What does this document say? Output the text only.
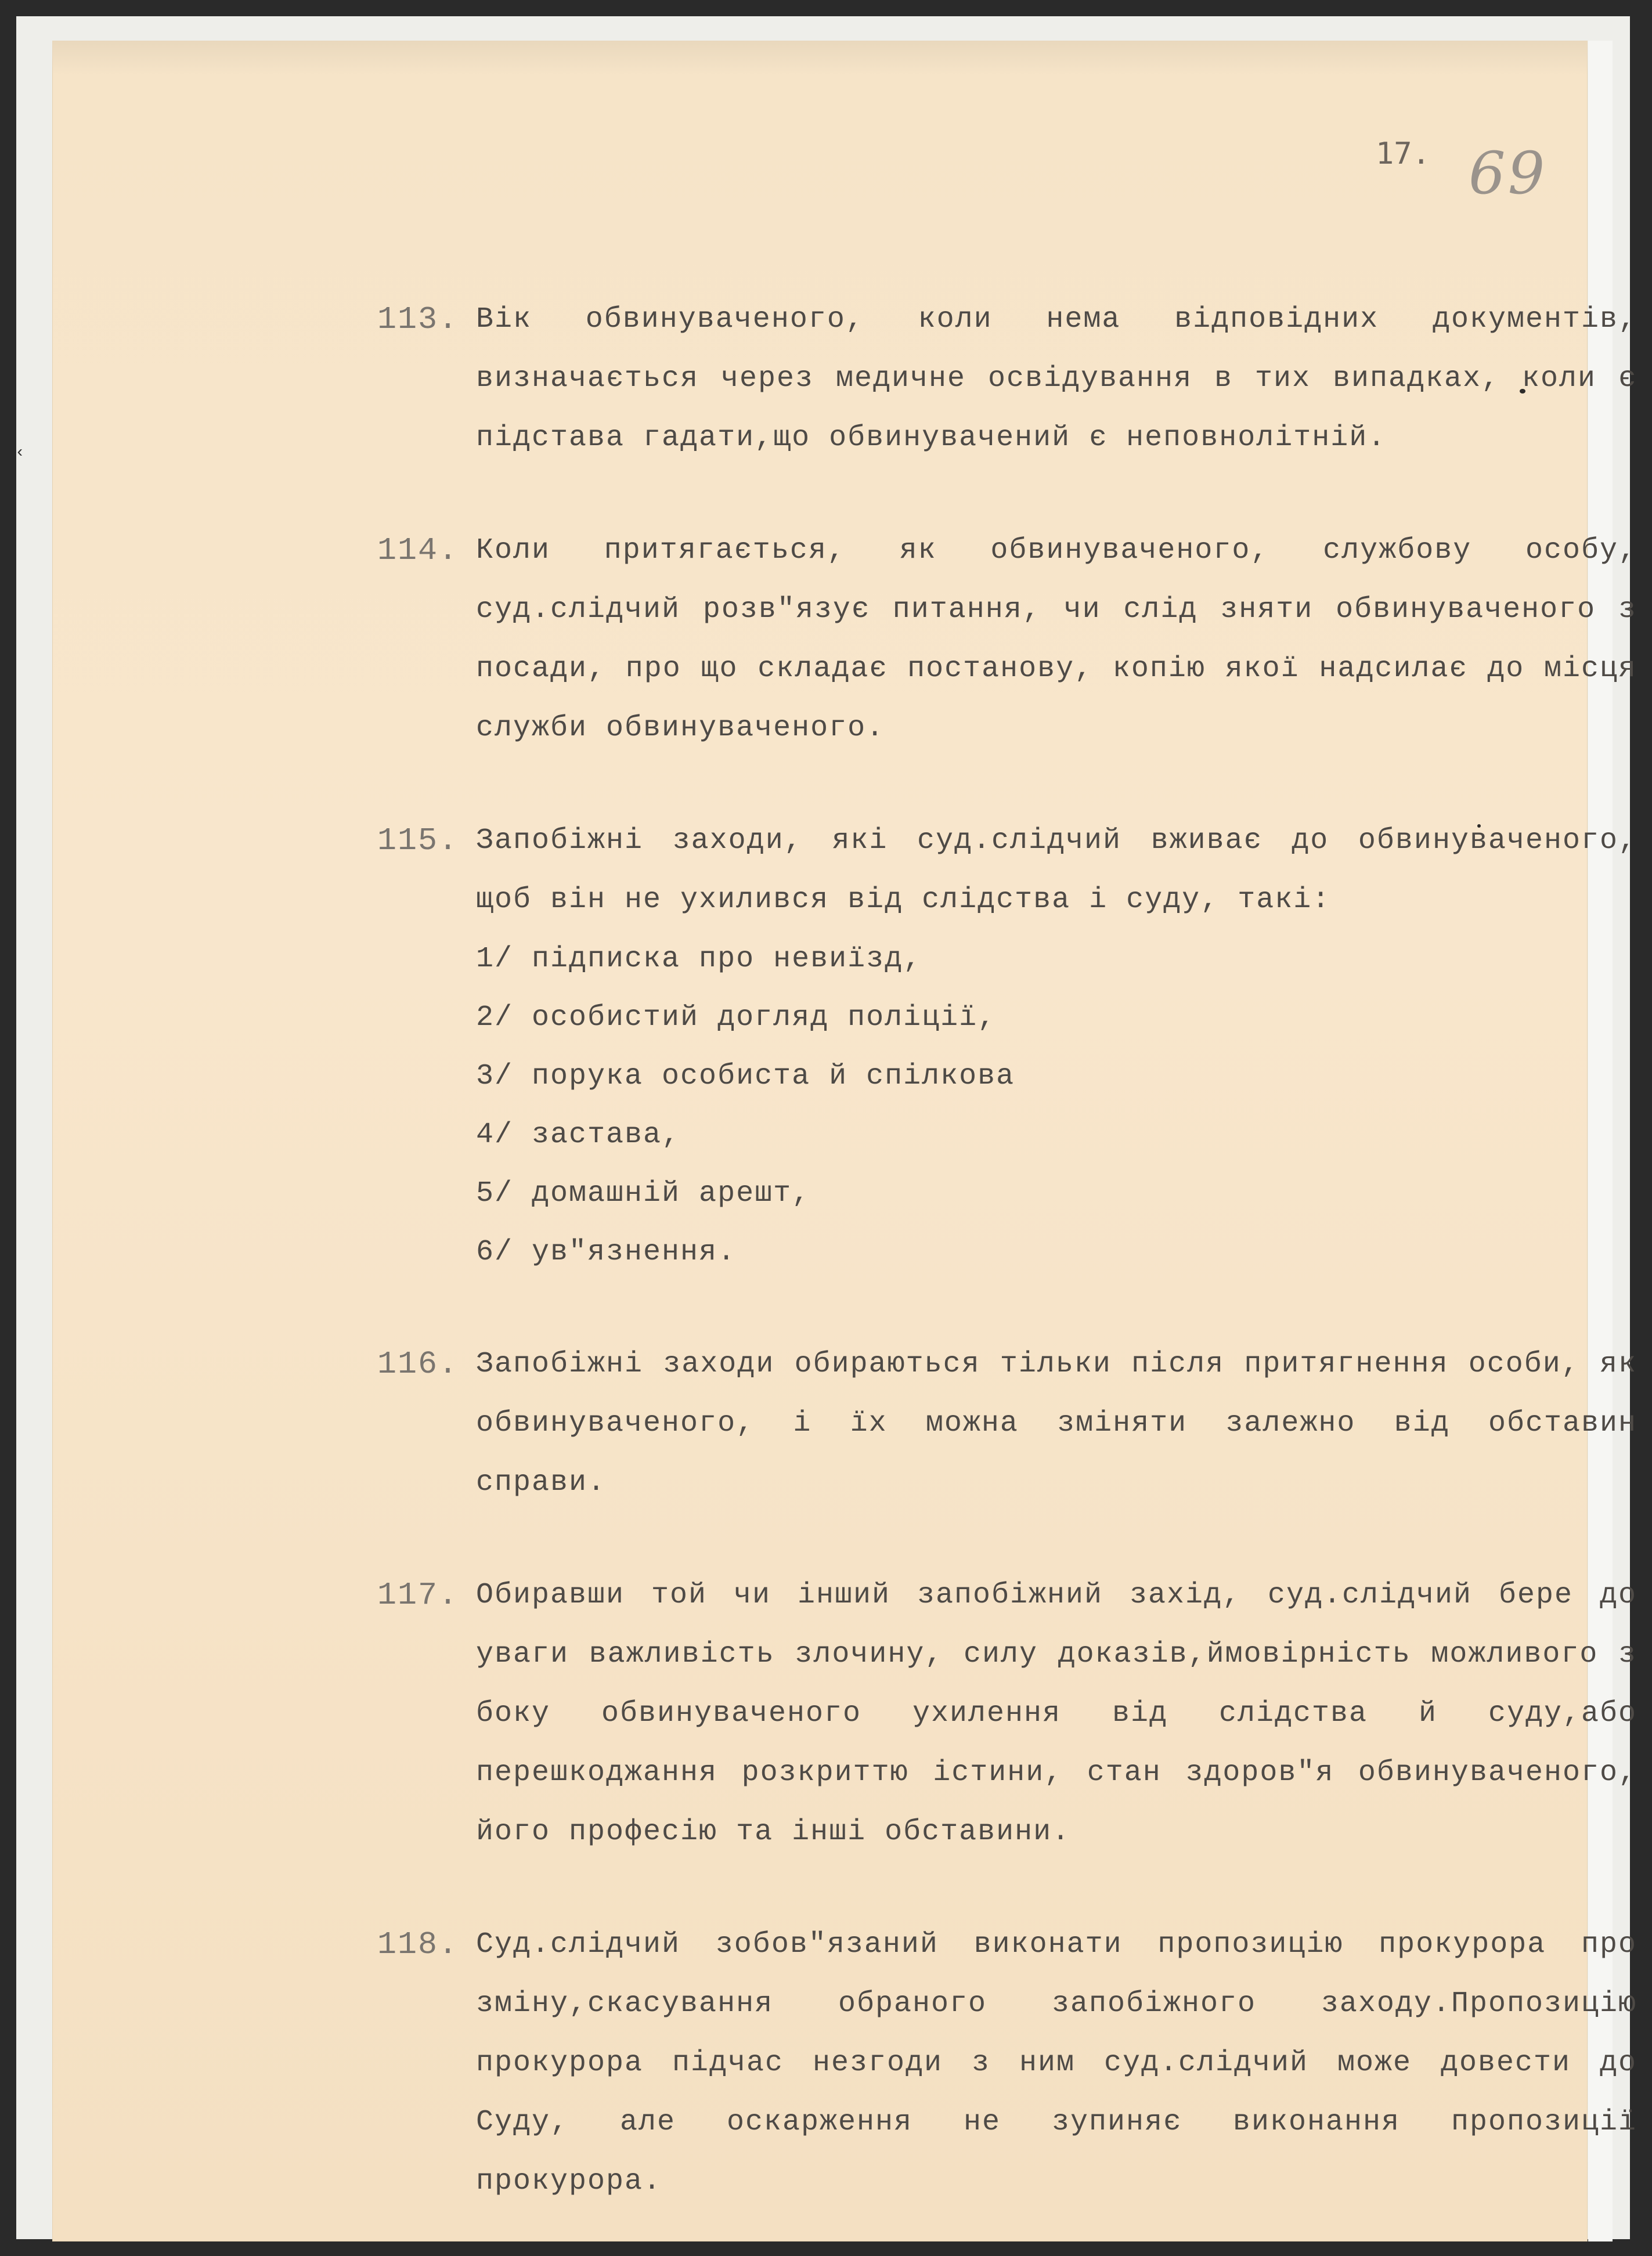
‹
17. 69
113. Вік обвинуваченого, коли нема відповідних документів, визначається через медичне освідування в тих випадках, коли є підстава гадати,що обвинувачений є неповнолітній.
114. Коли притягається, як обвинуваченого, службову особу, суд.слідчий розв"язує питання, чи слід зняти обвинуваченого з посади, про що складає постанову, копію якої надсилає до місця служби обвинуваченого.
115. Запобіжні заходи, які суд.слідчий вживає до обвинуваченого, щоб він не ухилився від слідства і суду, такі:
1/ підписка про невиїзд,
2/ особистий догляд поліції,
3/ порука особиста й спілкова
4/ застава,
5/ домашній арешт,
6/ ув"язнення.
116. Запобіжні заходи обираються тільки після притягнення особи, як обвинуваченого, і їх можна зміняти залежно від обставин справи.
117. Обиравши той чи інший запобіжний захід, суд.слідчий бере до уваги важливість злочину, силу доказів,ймовірність можливого з боку обвинуваченого ухилення від слідства й суду,або перешкоджання розкриттю істини, стан здоров"я обвинуваченого, його професію та інші обставини.
118. Суд.слідчий зобов"язаний виконати пропозицію прокурора про зміну,скасування обраного запобіжного заходу.Пропозицію прокурора підчас незгоди з ним суд.слідчий може довести до Суду, але оскарження не зупиняє виконання пропозиції прокурора.
